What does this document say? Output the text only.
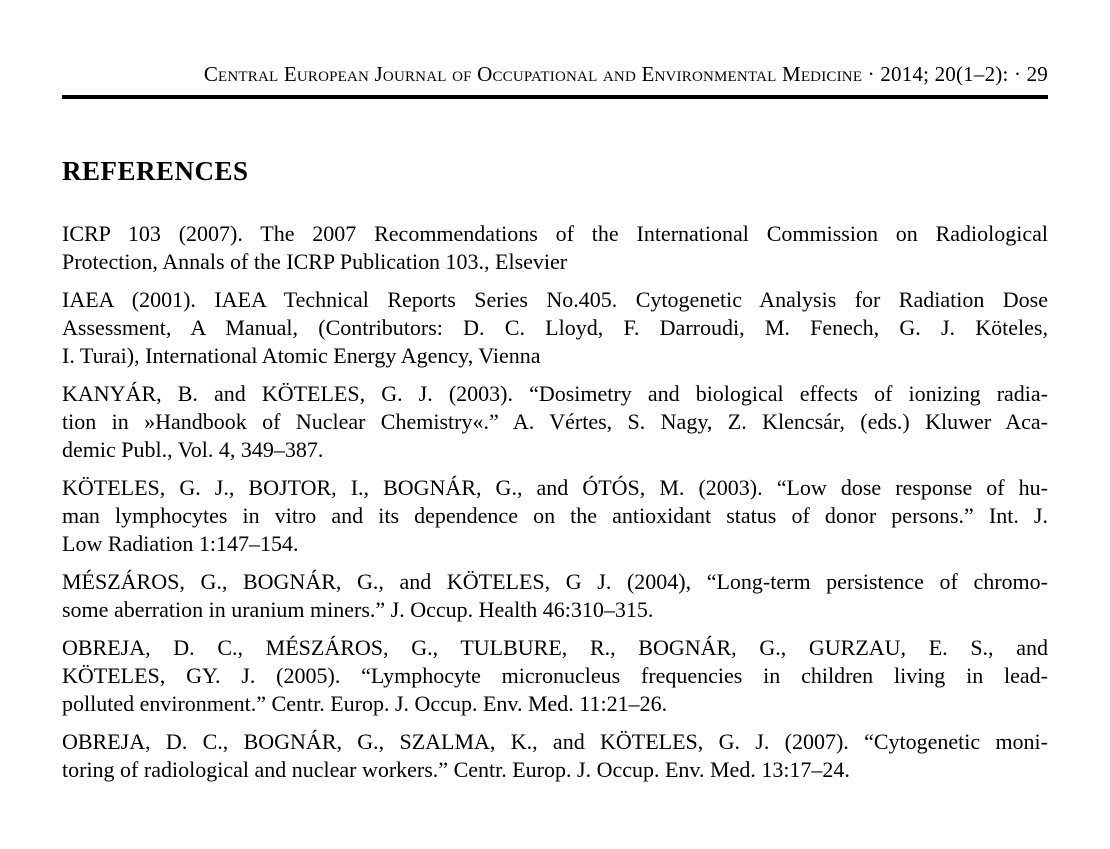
Central European Journal of Occupational and Environmental Medicine · 2014; 20(1–2): · 29
REFERENCES
ICRP 103 (2007). The 2007 Recommendations of the International Commission on Radiological
Protection, Annals of the ICRP Publication 103., Elsevier
IAEA (2001). IAEA Technical Reports Series No.405. Cytogenetic Analysis for Radiation Dose
Assessment, A Manual, (Contributors: D. C. Lloyd, F. Darroudi, M. Fenech, G. J. Köteles,
I. Turai), International Atomic Energy Agency, Vienna
KANYÁR, B. and KÖTELES, G. J. (2003). “Dosimetry and biological effects of ionizing radia-
tion in »Handbook of Nuclear Chemistry«.” A. Vértes, S. Nagy, Z. Klencsár, (eds.) Kluwer Aca-
demic Publ., Vol. 4, 349–387.
KÖTELES, G. J., BOJTOR, I., BOGNÁR, G., and ÓTÓS, M. (2003). “Low dose response of hu-
man lymphocytes in vitro and its dependence on the antioxidant status of donor persons.” Int. J.
Low Radiation 1:147–154.
MÉSZÁROS, G., BOGNÁR, G., and KÖTELES, G J. (2004), “Long-term persistence of chromo-
some aberration in uranium miners.” J. Occup. Health 46:310–315.
OBREJA, D. C., MÉSZÁROS, G., TULBURE, R., BOGNÁR, G., GURZAU, E. S., and
KÖTELES, GY. J. (2005). “Lymphocyte micronucleus frequencies in children living in lead-
polluted environment.” Centr. Europ. J. Occup. Env. Med. 11:21–26.
OBREJA, D. C., BOGNÁR, G., SZALMA, K., and KÖTELES, G. J. (2007). “Cytogenetic moni-
toring of radiological and nuclear workers.” Centr. Europ. J. Occup. Env. Med. 13:17–24.
